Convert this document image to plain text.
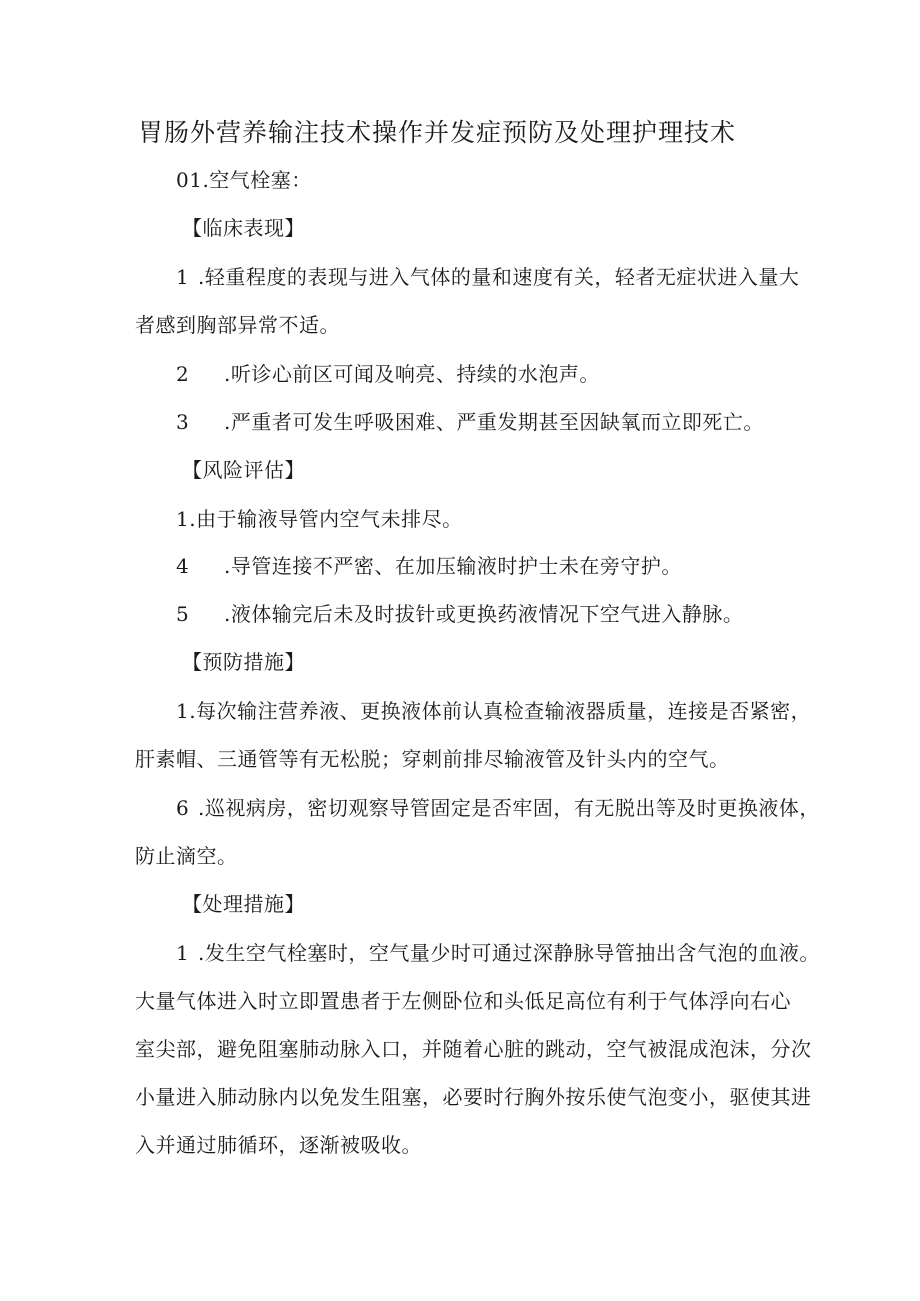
胃肠外营养输注技术操作并发症预防及处理护理技术
01.空气栓塞：
【临床表现】
1 .轻重程度的表现与进入气体的量和速度有关，轻者无症状进入量大
者感到胸部异常不适。
2 .听诊心前区可闻及响亮、持续的水泡声。
3 .严重者可发生呼吸困难、严重发期甚至因缺氧而立即死亡。
【风险评估】
1.由于输液导管内空气未排尽。
4 .导管连接不严密、在加压输液时护士未在旁守护。
5 .液体输完后未及时拔针或更换药液情况下空气进入静脉。
【预防措施】
1.每次输注营养液、更换液体前认真检查输液器质量，连接是否紧密，
肝素帽、三通管等有无松脱；穿刺前排尽输液管及针头内的空气。
6 .巡视病房，密切观察导管固定是否牢固，有无脱出等及时更换液体，
防止滴空。
【处理措施】
1 .发生空气栓塞时，空气量少时可通过深静脉导管抽出含气泡的血液。
大量气体进入时立即置患者于左侧卧位和头低足高位有利于气体浮向右心
室尖部，避免阻塞肺动脉入口，并随着心脏的跳动，空气被混成泡沫，分次
小量进入肺动脉内以免发生阻塞，必要时行胸外按乐使气泡变小，驱使其进
入并通过肺循环，逐渐被吸收。
